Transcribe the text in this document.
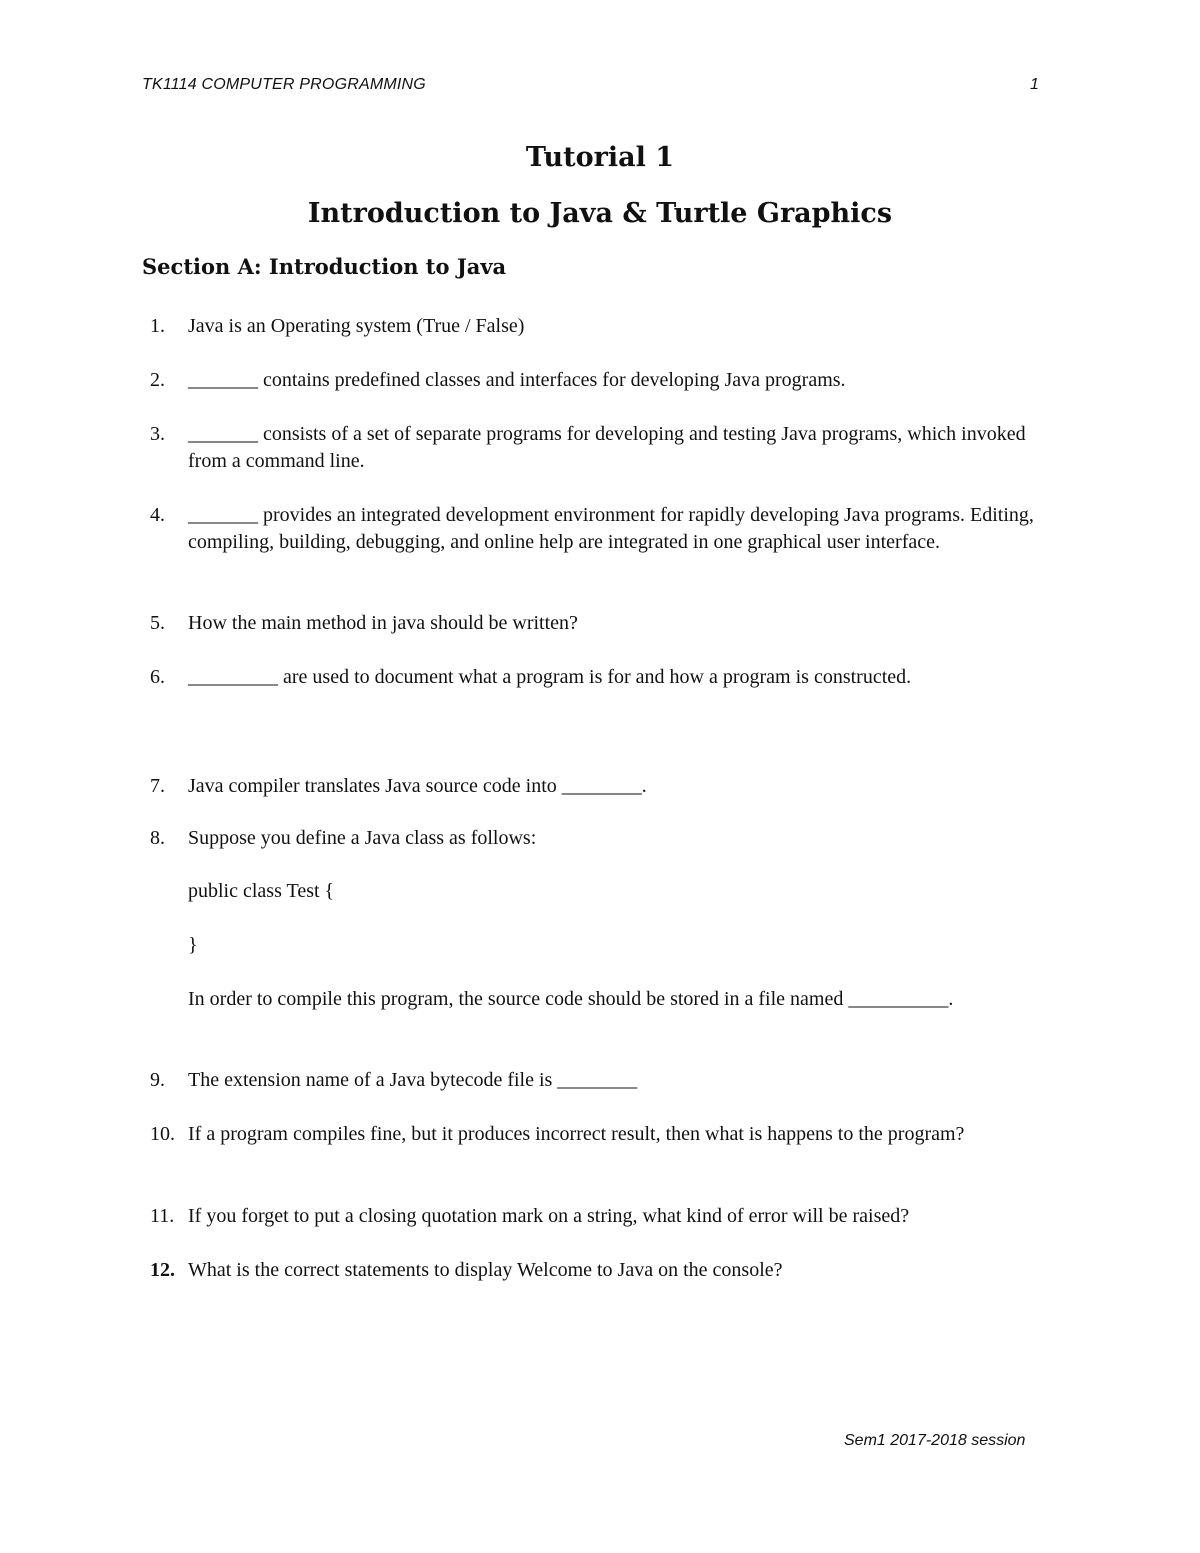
TK1114 COMPUTER PROGRAMMING	1
Tutorial 1
Introduction to Java & Turtle Graphics
Section A: Introduction to Java
1.	Java is an Operating system (True / False)
2.	_______ contains predefined classes and interfaces for developing Java programs.
3.	_______ consists of a set of separate programs for developing and testing Java programs, which invoked from a command line.
4.	_______ provides an integrated development environment for rapidly developing Java programs. Editing, compiling, building, debugging, and online help are integrated in one graphical user interface.
5.	How the main method in java should be written?
6.	_________ are used to document what a program is for and how a program is constructed.
7.	Java compiler translates Java source code into ________.
8.	Suppose you define a Java class as follows:
public class Test {
}
In order to compile this program, the source code should be stored in a file named __________.
9.	The extension name of a Java bytecode file is ________
10. If a program compiles fine, but it produces incorrect result, then what is happens to the program?
11. If you forget to put a closing quotation mark on a string, what kind of error will be raised?
12. What is the correct statements to display Welcome to Java on the console?
Sem1 2017-2018 session
